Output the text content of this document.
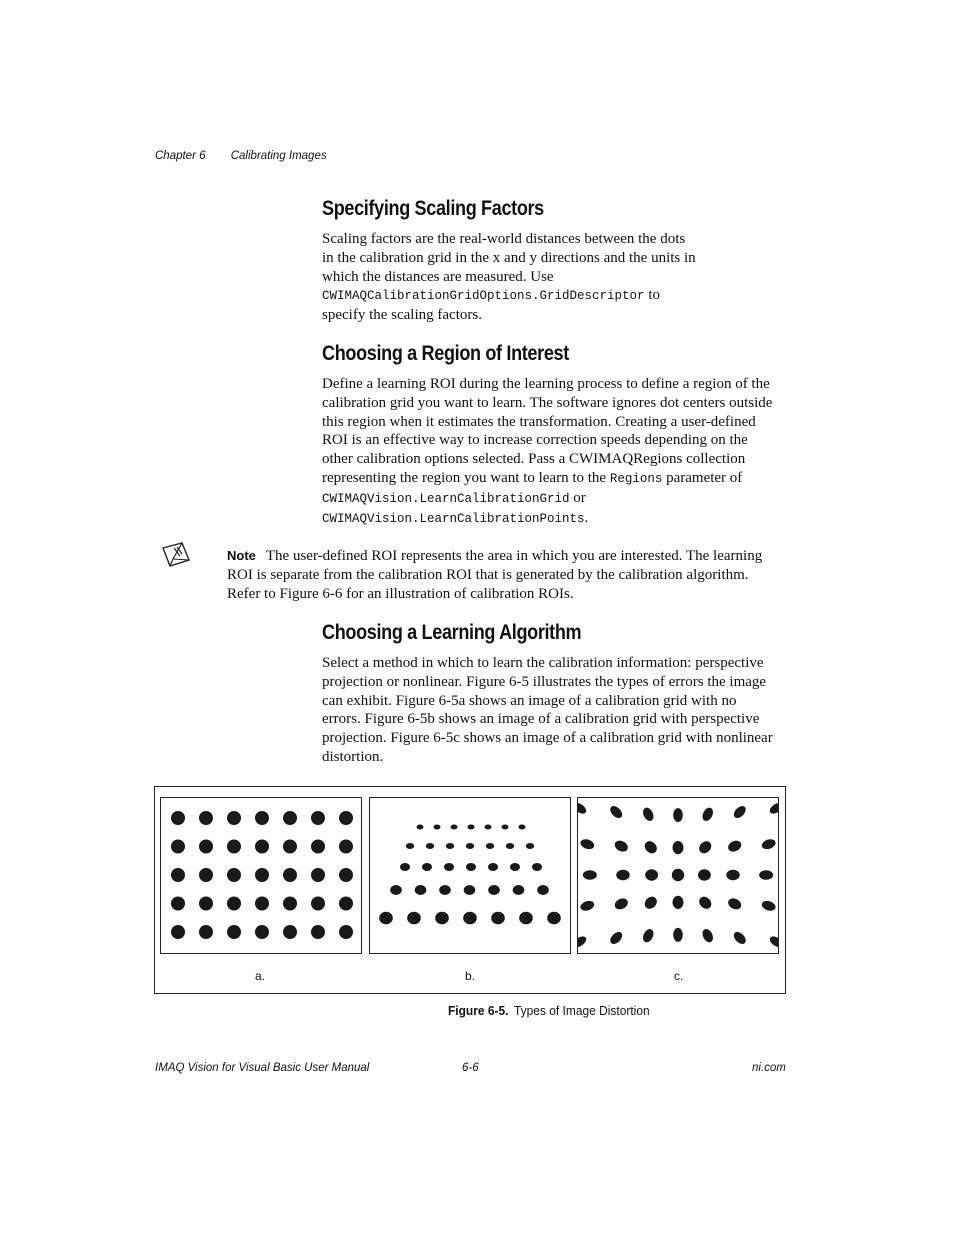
Chapter 6 Calibrating Images
Specifying Scaling Factors
Scaling factors are the real-world distances between the dots
in the calibration grid in the x and y directions and the units in
which the distances are measured. Use
CWIMAQCalibrationGridOptions.GridDescriptor to
specify the scaling factors.
Choosing a Region of Interest
Define a learning ROI during the learning process to define a region of the
calibration grid you want to learn. The software ignores dot centers outside
this region when it estimates the transformation. Creating a user-defined
ROI is an effective way to increase correction speeds depending on the
other calibration options selected. Pass a CWIMAQRegions collection
representing the region you want to learn to the Regions parameter of
CWIMAQVision.LearnCalibrationGrid or
CWIMAQVision.LearnCalibrationPoints.
Note The user-defined ROI represents the area in which you are interested. The learning
ROI is separate from the calibration ROI that is generated by the calibration algorithm.
Refer to Figure 6-6 for an illustration of calibration ROIs.
Choosing a Learning Algorithm
Select a method in which to learn the calibration information: perspective
projection or nonlinear. Figure 6-5 illustrates the types of errors the image
can exhibit. Figure 6-5a shows an image of a calibration grid with no
errors. Figure 6-5b shows an image of a calibration grid with perspective
projection. Figure 6-5c shows an image of a calibration grid with nonlinear
distortion.
a.	b.	c.
Figure 6-5. Types of Image Distortion
IMAQ Vision for Visual Basic User Manual	6-6	ni.com
